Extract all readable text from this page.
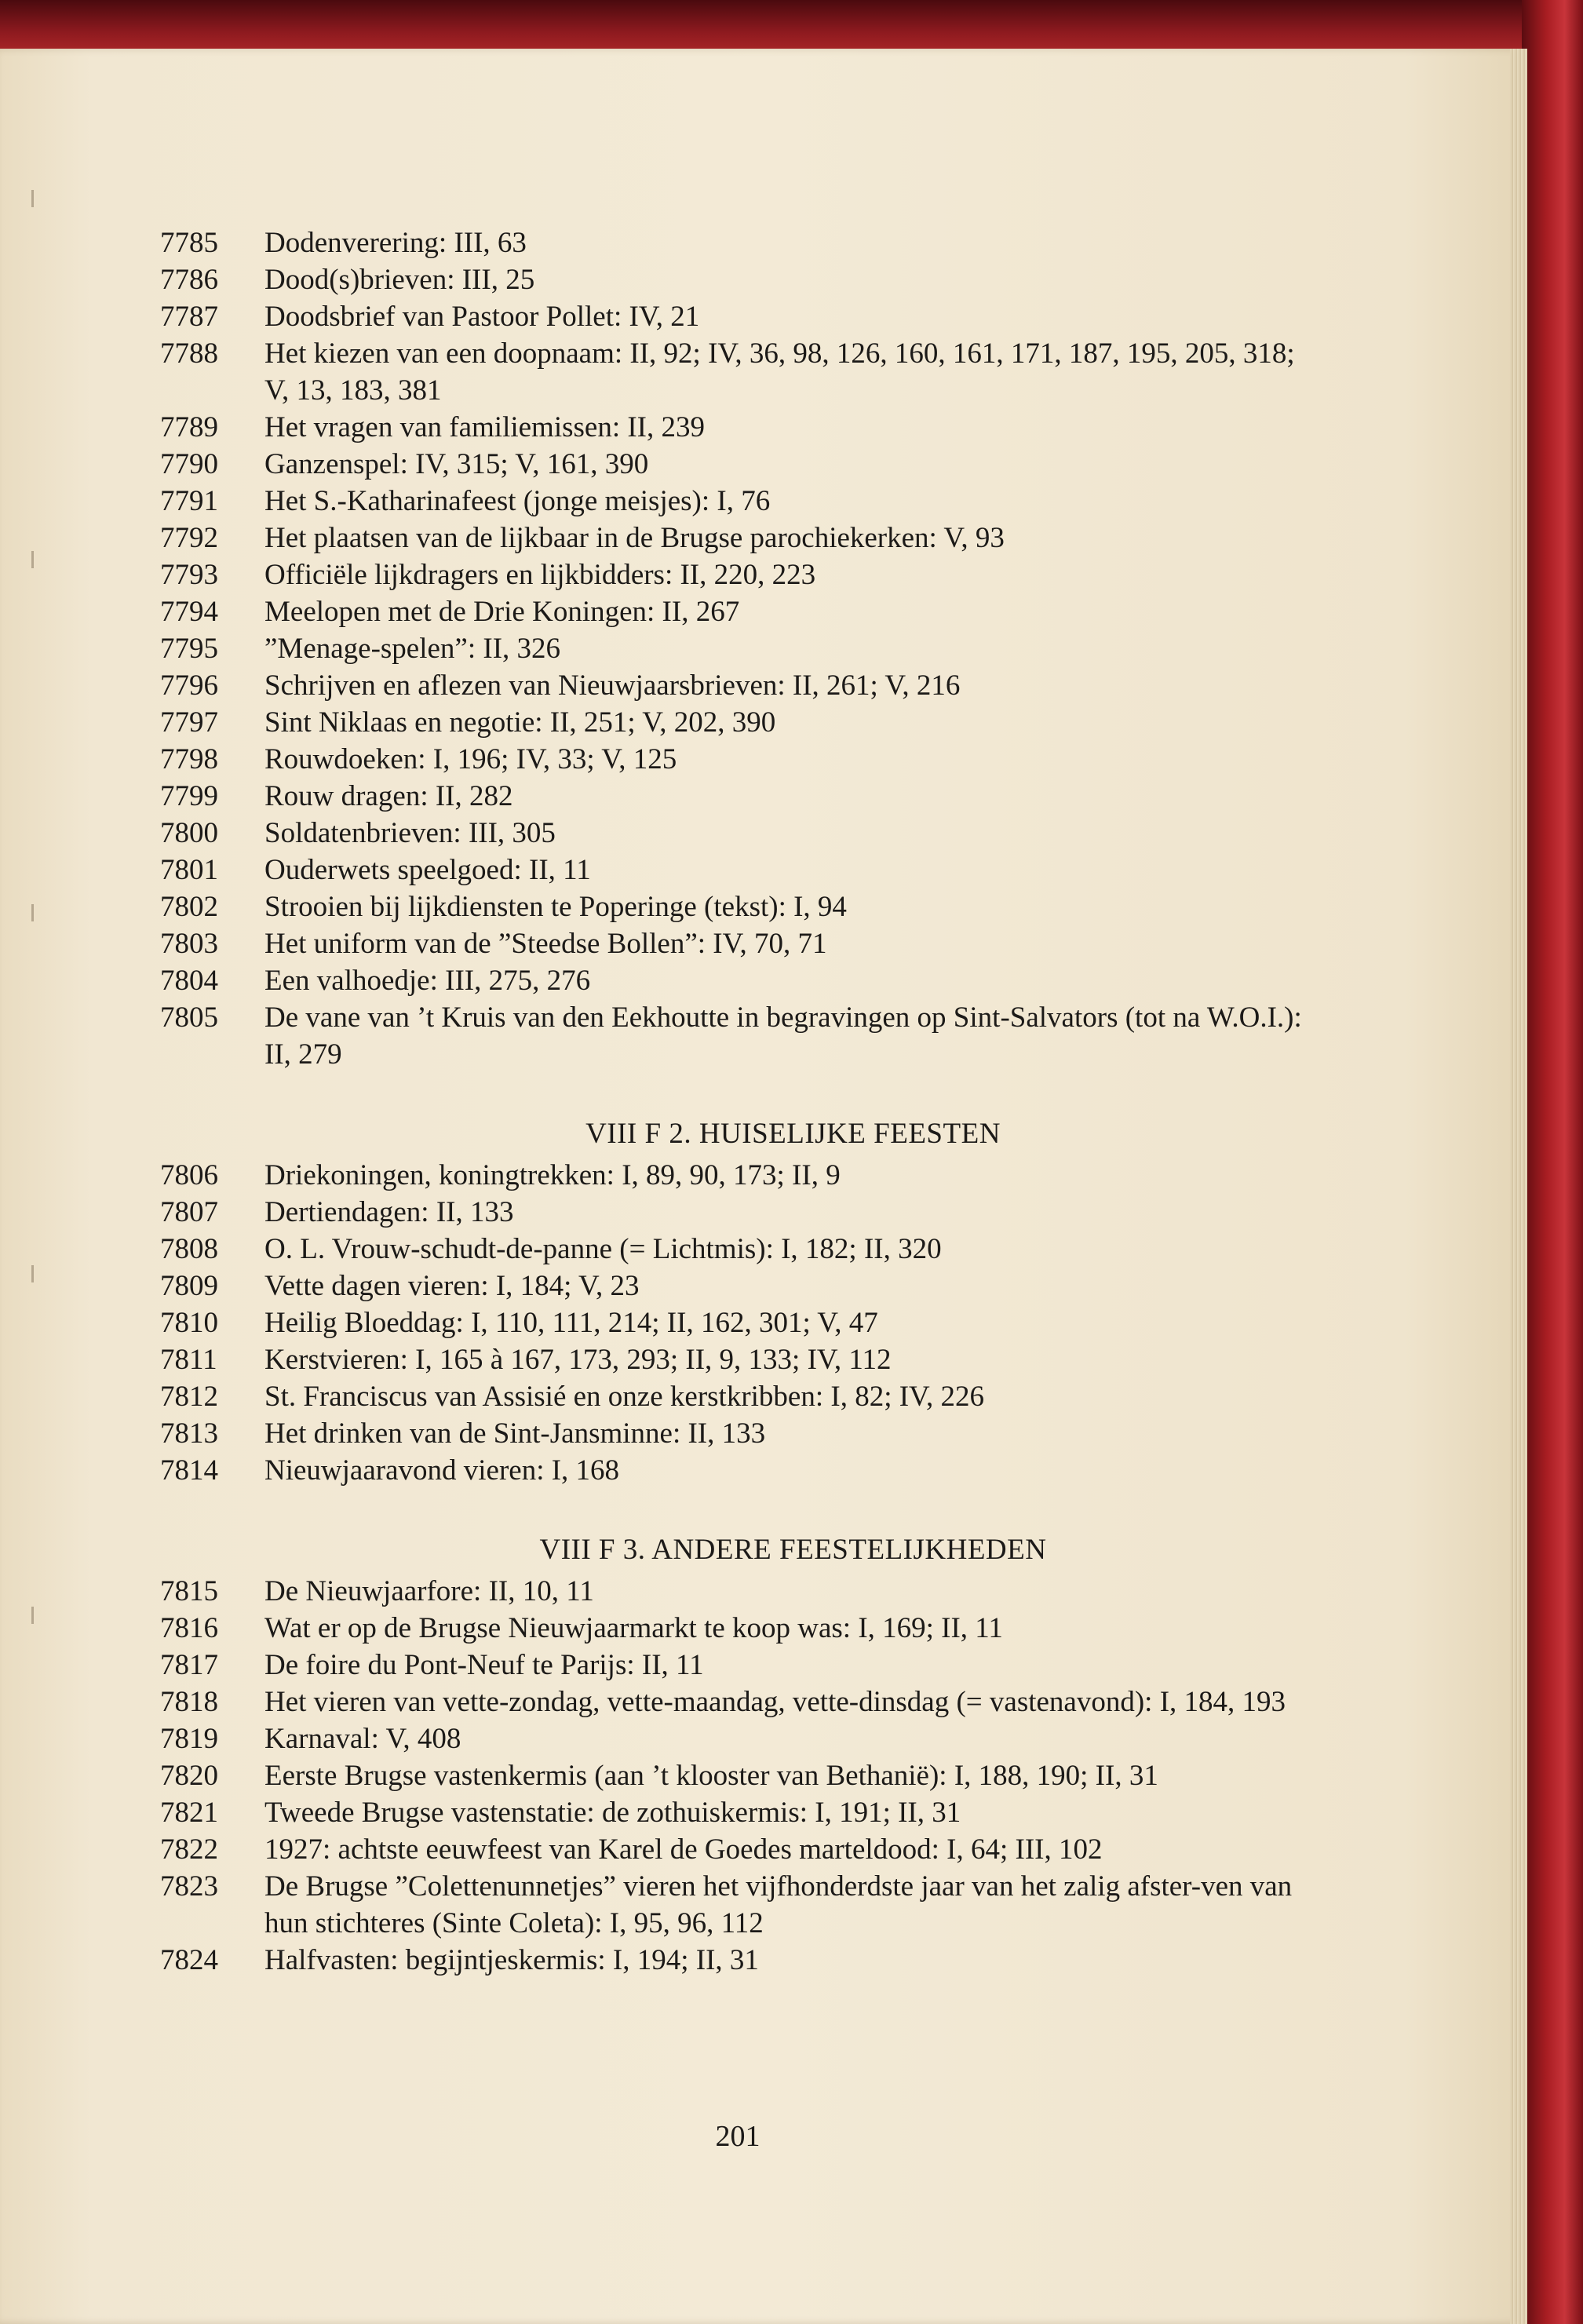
7785	Dodenverering: III, 63
7786	Dood(s)brieven: III, 25
7787	Doodsbrief van Pastoor Pollet: IV, 21
7788	Het kiezen van een doopnaam: II, 92; IV, 36, 98, 126, 160, 161, 171, 187, 195, 205, 318; V, 13, 183, 381
7789	Het vragen van familiemissen: II, 239
7790	Ganzenspel: IV, 315; V, 161, 390
7791	Het S.-Katharinafeest (jonge meisjes): I, 76
7792	Het plaatsen van de lijkbaar in de Brugse parochiekerken: V, 93
7793	Officiële lijkdragers en lijkbidders: II, 220, 223
7794	Meelopen met de Drie Koningen: II, 267
7795	”Menage-spelen”: II, 326
7796	Schrijven en aflezen van Nieuwjaarsbrieven: II, 261; V, 216
7797	Sint Niklaas en negotie: II, 251; V, 202, 390
7798	Rouwdoeken: I, 196; IV, 33; V, 125
7799	Rouw dragen: II, 282
7800	Soldatenbrieven: III, 305
7801	Ouderwets speelgoed: II, 11
7802	Strooien bij lijkdiensten te Poperinge (tekst): I, 94
7803	Het uniform van de ”Steedse Bollen”: IV, 70, 71
7804	Een valhoedje: III, 275, 276
7805	De vane van ’t Kruis van den Eekhoutte in begravingen op Sint-Salvators (tot na W.O.I.): II, 279
VIII F 2. HUISELIJKE FEESTEN
7806	Driekoningen, koningtrekken: I, 89, 90, 173; II, 9
7807	Dertiendagen: II, 133
7808	O. L. Vrouw-schudt-de-panne (= Lichtmis): I, 182; II, 320
7809	Vette dagen vieren: I, 184; V, 23
7810	Heilig Bloeddag: I, 110, 111, 214; II, 162, 301; V, 47
7811	Kerstvieren: I, 165 à 167, 173, 293; II, 9, 133; IV, 112
7812	St. Franciscus van Assisié en onze kerstkribben: I, 82; IV, 226
7813	Het drinken van de Sint-Jansminne: II, 133
7814	Nieuwjaaravond vieren: I, 168
VIII F 3. ANDERE FEESTELIJKHEDEN
7815	De Nieuwjaarfore: II, 10, 11
7816	Wat er op de Brugse Nieuwjaarmarkt te koop was: I, 169; II, 11
7817	De foire du Pont-Neuf te Parijs: II, 11
7818	Het vieren van vette-zondag, vette-maandag, vette-dinsdag (= vastenavond): I, 184, 193
7819	Karnaval: V, 408
7820	Eerste Brugse vastenkermis (aan ’t klooster van Bethanië): I, 188, 190; II, 31
7821	Tweede Brugse vastenstatie: de zothuiskermis: I, 191; II, 31
7822	1927: achtste eeuwfeest van Karel de Goedes marteldood: I, 64; III, 102
7823	De Brugse ”Colettenunnetjes” vieren het vijfhonderdste jaar van het zalig afster-ven van hun stichteres (Sinte Coleta): I, 95, 96, 112
7824	Halfvasten: begijntjeskermis: I, 194; II, 31
201
